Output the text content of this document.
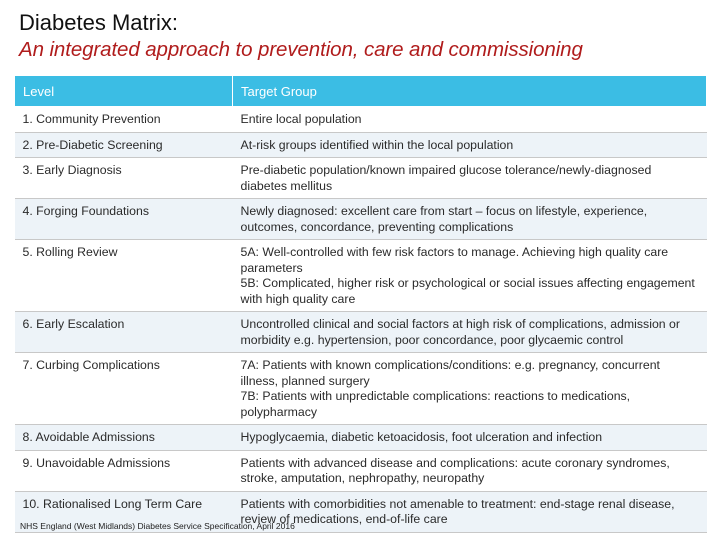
Diabetes Matrix:
An integrated approach to prevention, care and commissioning
Level	Target Group
1. Community Prevention	Entire local population

2. Pre-Diabetic Screening	At-risk groups identified within the local population

3. Early Diagnosis	Pre-diabetic population/known impaired glucose tolerance/newly-diagnosed diabetes mellitus

4. Forging Foundations	Newly diagnosed: excellent care from start – focus on lifestyle, experience, outcomes, concordance, preventing complications

5. Rolling Review	5A: Well-controlled with few risk factors to manage. Achieving high quality care parameters
5B: Complicated, higher risk or psychological or social issues affecting engagement with high quality care

6. Early Escalation	Uncontrolled clinical and social factors at high risk of complications, admission or morbidity e.g. hypertension, poor concordance, poor glycaemic control

7. Curbing Complications	7A: Patients with known complications/conditions: e.g. pregnancy, concurrent illness, planned surgery
7B: Patients with unpredictable complications: reactions to medications, polypharmacy

8. Avoidable Admissions	Hypoglycaemia, diabetic ketoacidosis, foot ulceration and infection

9. Unavoidable Admissions	Patients with advanced disease and complications: acute coronary syndromes, stroke, amputation, nephropathy, neuropathy

10. Rationalised Long Term Care	Patients with comorbidities not amenable to treatment: end-stage renal disease, review of medications, end-of-life care
NHS England (West Midlands) Diabetes Service Specification, April 2016
